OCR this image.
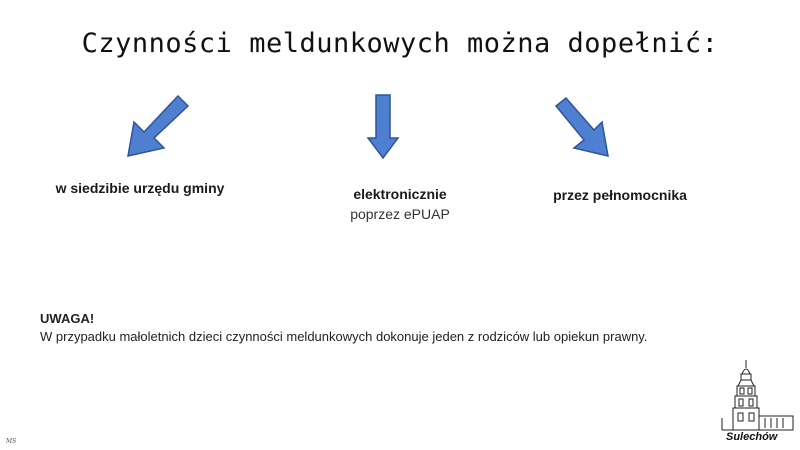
Czynności meldunkowych można dopełnić:
w siedzibie urzędu gminy	elektronicznie
poprzez ePUAP
przez pełnomocnika
UWAGA!
W przypadku małoletnich dzieci czynności meldunkowych dokonuje jeden z rodziców lub opiekun prawny.
MS	Sulechów
